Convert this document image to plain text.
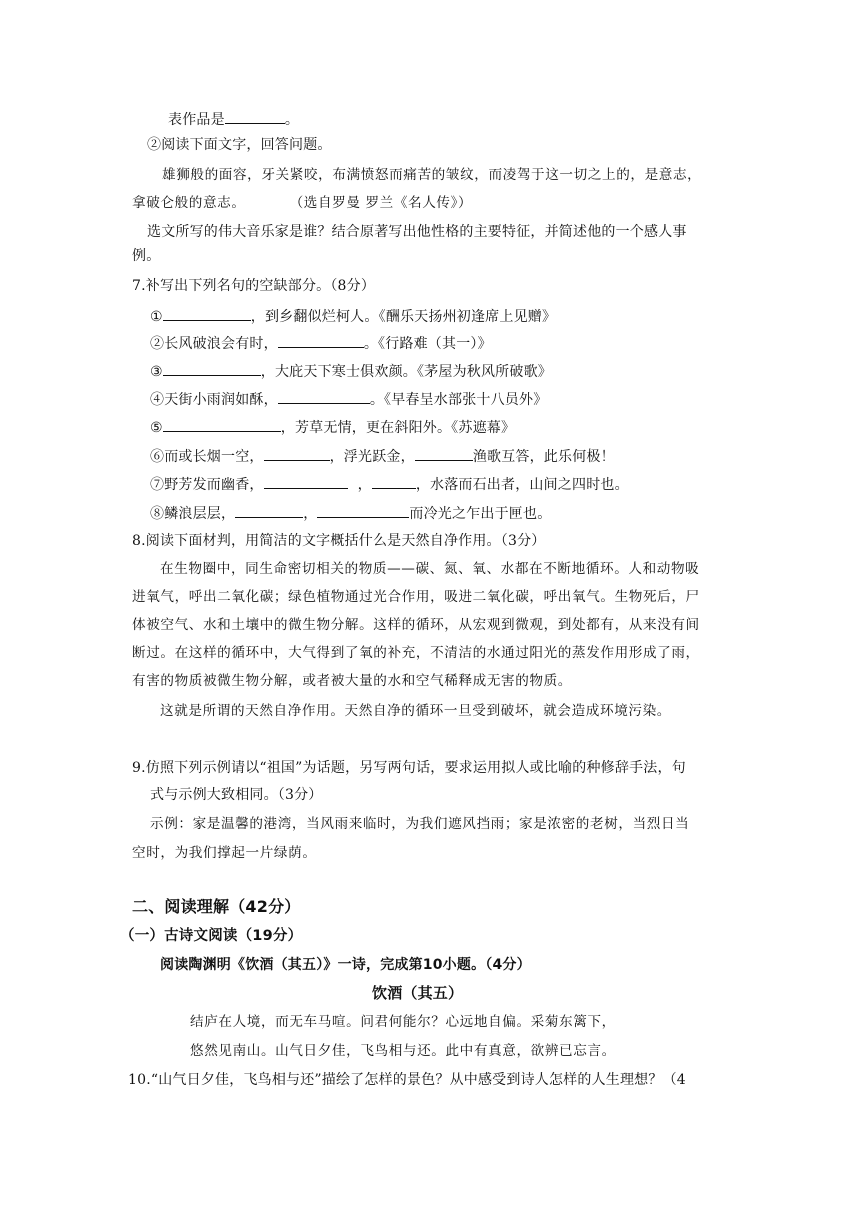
表作品是	。
②阅读下面文字，回答问题。
雄狮般的面容，牙关紧咬，布满愤怒而痛苦的皱纹，而凌驾于这一切之上的，是意志，
拿破仑般的意志。	（选自罗曼 罗兰《名人传》）
选文所写的伟大音乐家是谁？结合原著写出他性格的主要特征，并简述他的一个感人事
例。
7.补写出下列名句的空缺部分。（8分）
①	，到乡翻似烂柯人。《酬乐天扬州初逢席上见赠》
②长风破浪会有时，	。《行路难（其一）》
③	，大庇天下寒士俱欢颜。《茅屋为秋风所破歌》
④天街小雨润如酥，	。《早春呈水部张十八员外》
⑤	，芳草无情，更在斜阳外。《苏遮幕》
⑥而或长烟一空，	，浮光跃金，	渔歌互答，此乐何极！
⑦野芳发而幽香，	，	，水落而石出者，山间之四时也。
⑧鳞浪层层，	，	而冷光之乍出于匣也。
8.阅读下面材判，用简洁的文字概括什么是天然自净作用。（3分）
在生物圈中，同生命密切相关的物质——碳、氮、氧、水都在不断地循环。人和动物吸
进氧气，呼出二氧化碳；绿色植物通过光合作用，吸进二氧化碳，呼出氧气。生物死后，尸
体被空气、水和土壤中的微生物分解。这样的循环，从宏观到微观，到处都有，从来没有间
断过。在这样的循环中，大气得到了氧的补充，不清洁的水通过阳光的蒸发作用形成了雨，
有害的物质被微生物分解，或者被大量的水和空气稀释成无害的物质。
这就是所谓的天然自净作用。天然自净的循环一旦受到破坏，就会造成环境污染。
9.仿照下列示例请以“祖国”为话题，另写两句话，要求运用拟人或比喻的种修辞手法，句
式与示例大致相同。（3分）
示例：家是温馨的港湾，当风雨来临时，为我们遮风挡雨；家是浓密的老树，当烈日当
空时，为我们撑起一片绿荫。
二、阅读理解（42分）
（一）古诗文阅读（19分）
阅读陶渊明《饮酒（其五）》一诗，完成第10小题。（4分）
饮酒（其五）
结庐在人境，而无车马喧。问君何能尔？心远地自偏。采菊东篱下，
悠然见南山。山气日夕佳，飞鸟相与还。此中有真意，欲辨已忘言。
10.“山气日夕佳，飞鸟相与还”描绘了怎样的景色？从中感受到诗人怎样的人生理想？（4
